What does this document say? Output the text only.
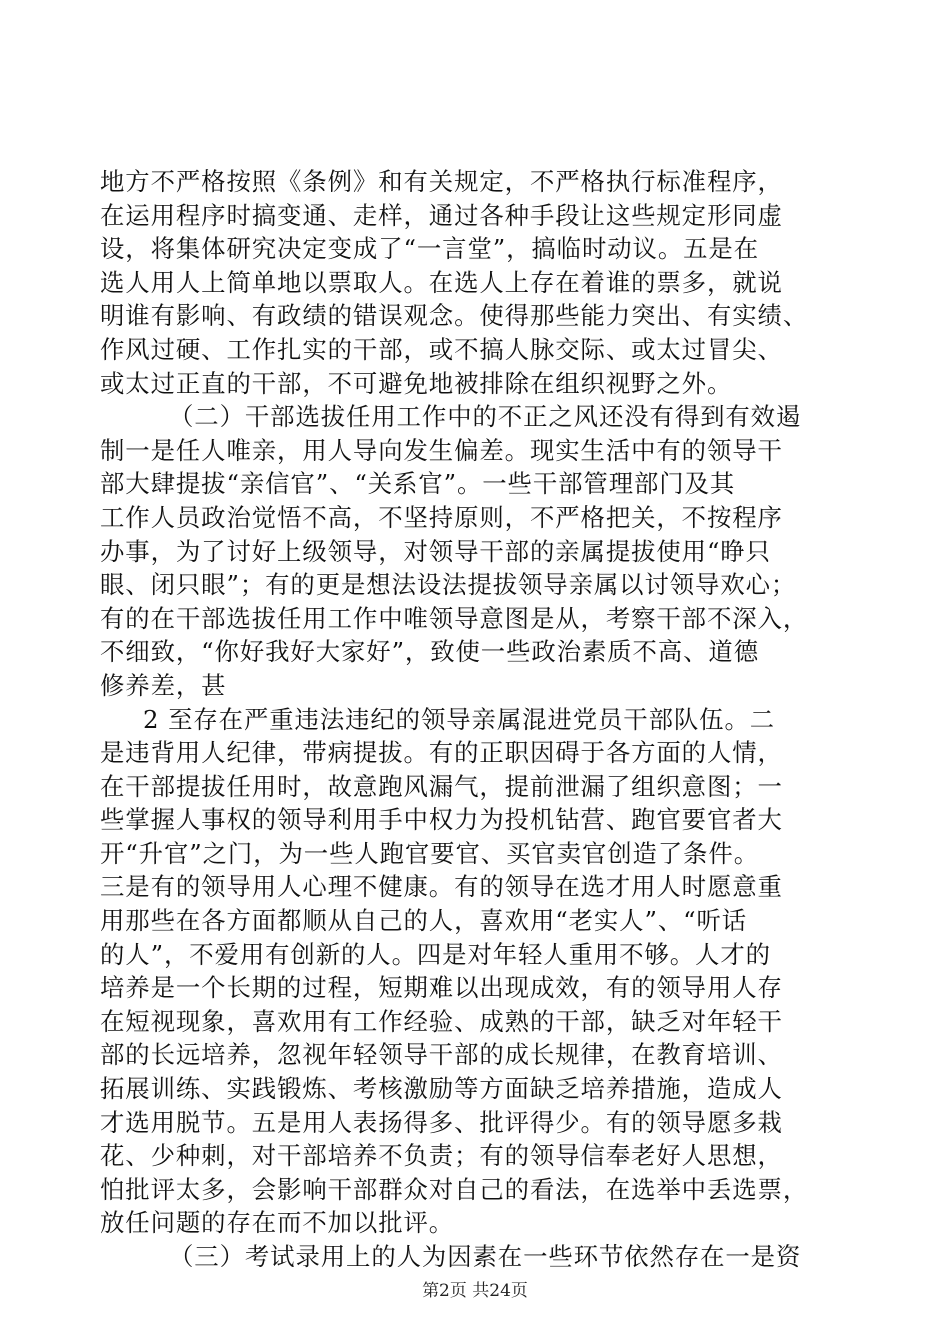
地方不严格按照《条例》和有关规定，不严格执行标准程序，
在运用程序时搞变通、走样，通过各种手段让这些规定形同虚
设，将集体研究决定变成了“一言堂”，搞临时动议。五是在
选人用人上简单地以票取人。在选人上存在着谁的票多，就说
明谁有影响、有政绩的错误观念。使得那些能力突出、有实绩、
作风过硬、工作扎实的干部，或不搞人脉交际、或太过冒尖、
或太过正直的干部，不可避免地被排除在组织视野之外。
（二）干部选拔任用工作中的不正之风还没有得到有效遏
制一是任人唯亲，用人导向发生偏差。现实生活中有的领导干
部大肆提拔“亲信官”、“关系官”。一些干部管理部门及其
工作人员政治觉悟不高，不坚持原则，不严格把关，不按程序
办事，为了讨好上级领导，对领导干部的亲属提拔使用“睁只
眼、闭只眼”；有的更是想法设法提拔领导亲属以讨领导欢心；
有的在干部选拔任用工作中唯领导意图是从，考察干部不深入，
不细致，“你好我好大家好”，致使一些政治素质不高、道德
修养差，甚
2 至存在严重违法违纪的领导亲属混进党员干部队伍。二
是违背用人纪律，带病提拔。有的正职因碍于各方面的人情，
在干部提拔任用时，故意跑风漏气，提前泄漏了组织意图；一
些掌握人事权的领导利用手中权力为投机钻营、跑官要官者大
开“升官”之门，为一些人跑官要官、买官卖官创造了条件。
三是有的领导用人心理不健康。有的领导在选才用人时愿意重
用那些在各方面都顺从自己的人，喜欢用“老实人”、“听话
的人”，不爱用有创新的人。四是对年轻人重用不够。人才的
培养是一个长期的过程，短期难以出现成效，有的领导用人存
在短视现象，喜欢用有工作经验、成熟的干部，缺乏对年轻干
部的长远培养，忽视年轻领导干部的成长规律，在教育培训、
拓展训练、实践锻炼、考核激励等方面缺乏培养措施，造成人
才选用脱节。五是用人表扬得多、批评得少。有的领导愿多栽
花、少种刺，对干部培养不负责；有的领导信奉老好人思想，
怕批评太多，会影响干部群众对自己的看法，在选举中丢选票，
放任问题的存在而不加以批评。
（三）考试录用上的人为因素在一些环节依然存在一是资
第2页 共24页
